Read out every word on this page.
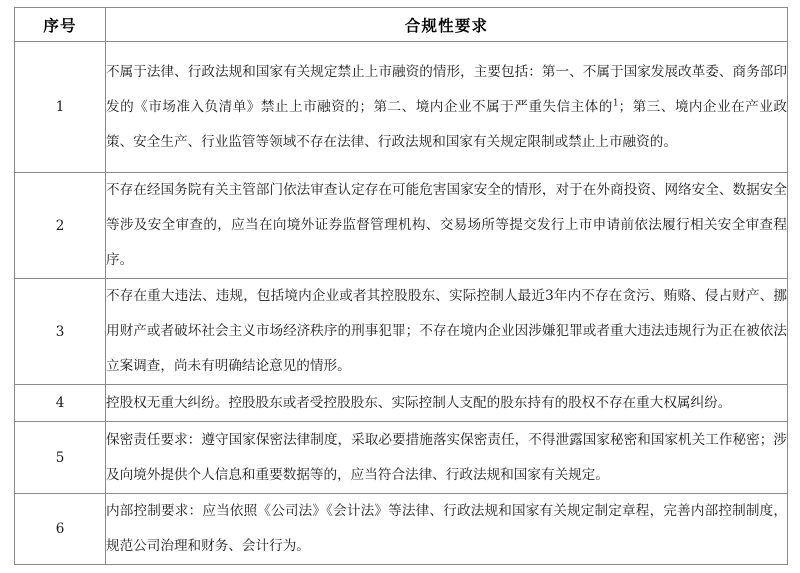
序号	合规性要求
1	不属于法律、行政法规和国家有关规定禁止上市融资的情形，主要包括：第一、不属于国家发展改革委、商务部印发的《市场准入负清单》禁止上市融资的；第二、境内企业不属于严重失信主体的$^1$；第三、境内企业在产业政策、安全生产、行业监管等领域不存在法律、行政法规和国家有关规定限制或禁止上市融资的。

2	不存在经国务院有关主管部门依法审查认定存在可能危害国家安全的情形，对于在外商投资、网络安全、数据安全等涉及安全审查的，应当在向境外证券监督管理机构、交易场所等提交发行上市申请前依法履行相关安全审查程序。

3	不存在重大违法、违规，包括境内企业或者其控股股东、实际控制人最近3年内不存在贪污、贿赂、侵占财产、挪用财产或者破坏社会主义市场经济秩序的刑事犯罪；不存在境内企业因涉嫌犯罪或者重大违法违规行为正在被依法立案调查，尚未有明确结论意见的情形。

4	控股权无重大纠纷。控股股东或者受控股股东、实际控制人支配的股东持有的股权不存在重大权属纠纷。

5	保密责任要求：遵守国家保密法律制度，采取必要措施落实保密责任，不得泄露国家秘密和国家机关工作秘密；涉及向境外提供个人信息和重要数据等的，应当符合法律、行政法规和国家有关规定。

6	内部控制要求：应当依照《公司法》《会计法》等法律、行政法规和国家有关规定制定章程，完善内部控制制度，规范公司治理和财务、会计行为。
